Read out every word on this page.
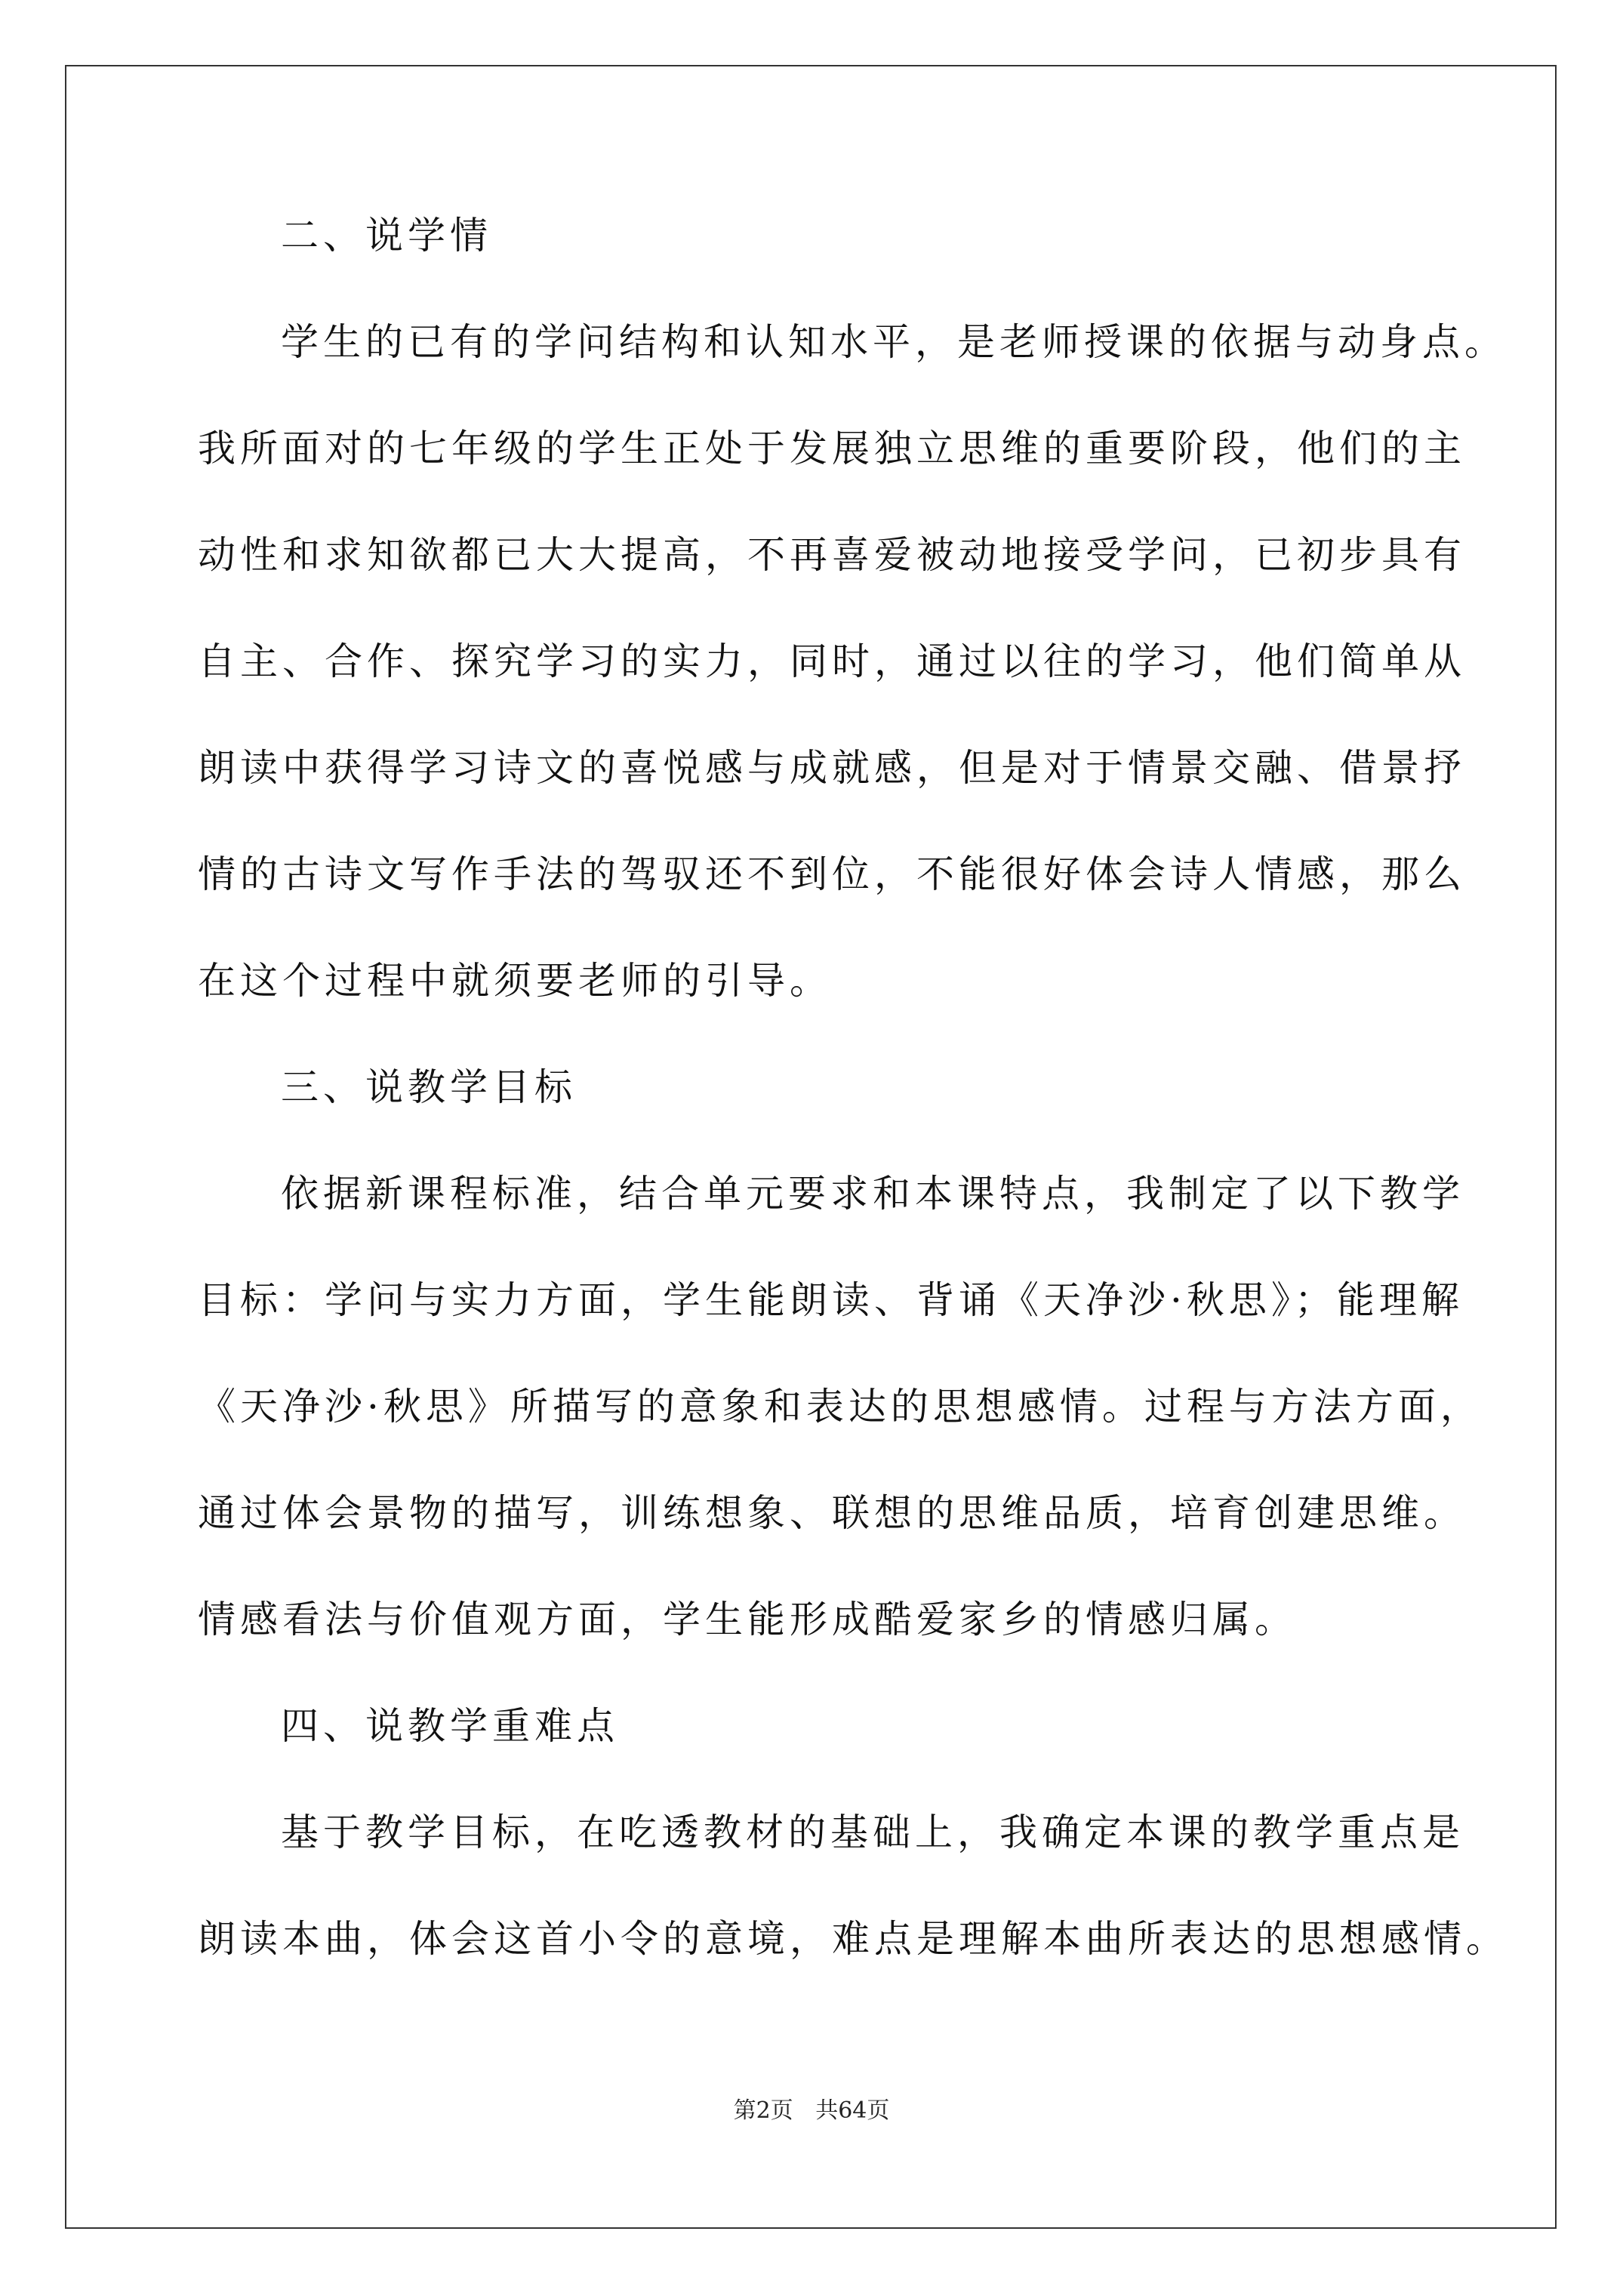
二、说学情
学生的已有的学问结构和认知水平，是老师授课的依据与动身点。
我所面对的七年级的学生正处于发展独立思维的重要阶段，他们的主
动性和求知欲都已大大提高，不再喜爱被动地接受学问，已初步具有
自主、合作、探究学习的实力，同时，通过以往的学习，他们简单从
朗读中获得学习诗文的喜悦感与成就感，但是对于情景交融、借景抒
情的古诗文写作手法的驾驭还不到位，不能很好体会诗人情感，那么
在这个过程中就须要老师的引导。
三、说教学目标
依据新课程标准，结合单元要求和本课特点，我制定了以下教学
目标：学问与实力方面，学生能朗读、背诵《天净沙·秋思》；能理解
《天净沙·秋思》所描写的意象和表达的思想感情。过程与方法方面，
通过体会景物的描写，训练想象、联想的思维品质，培育创建思维。
情感看法与价值观方面，学生能形成酷爱家乡的情感归属。
四、说教学重难点
基于教学目标，在吃透教材的基础上，我确定本课的教学重点是
朗读本曲，体会这首小令的意境，难点是理解本曲所表达的思想感情。
第2页 共64页
